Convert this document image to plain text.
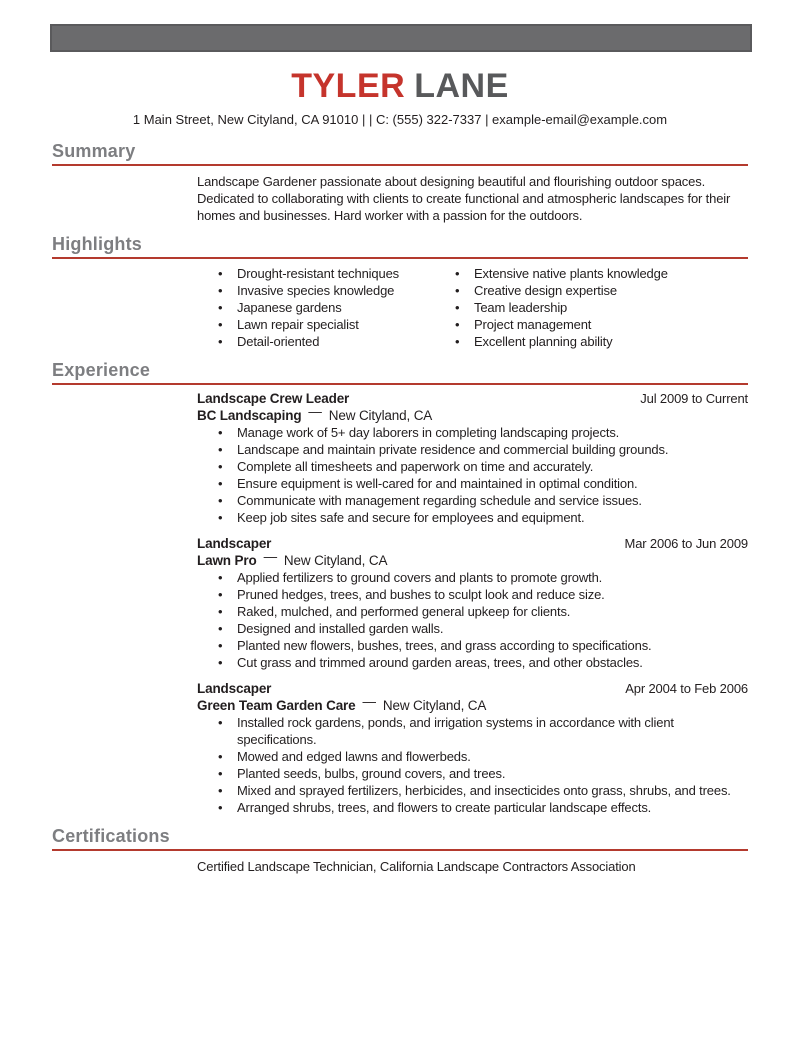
TYLER LANE
1 Main Street, New Cityland, CA 91010 | | C: (555) 322-7337 | example-email@example.com
Summary

Landscape Gardener passionate about designing beautiful and flourishing outdoor spaces. Dedicated to collaborating with clients to create functional and atmospheric landscapes for their homes and businesses. Hard worker with a passion for the outdoors.

Highlights
• Drought-resistant techniques
• Invasive species knowledge
• Japanese gardens
• Lawn repair specialist
• Detail-oriented
• Extensive native plants knowledge
• Creative design expertise
• Team leadership
• Project management
• Excellent planning ability
Experience
Landscape Crew Leader	Jul 2009 to Current
BC Landscaping — New Cityland, CA
• Manage work of 5+ day laborers in completing landscaping projects.
• Landscape and maintain private residence and commercial building grounds.
• Complete all timesheets and paperwork on time and accurately.
• Ensure equipment is well-cared for and maintained in optimal condition.
• Communicate with management regarding schedule and service issues.
• Keep job sites safe and secure for employees and equipment.
Landscaper	Mar 2006 to Jun 2009
Lawn Pro — New Cityland, CA
• Applied fertilizers to ground covers and plants to promote growth.
• Pruned hedges, trees, and bushes to sculpt look and reduce size.
• Raked, mulched, and performed general upkeep for clients.
• Designed and installed garden walls.
• Planted new flowers, bushes, trees, and grass according to specifications.
• Cut grass and trimmed around garden areas, trees, and other obstacles.
Landscaper	Apr 2004 to Feb 2006
Green Team Garden Care — New Cityland, CA
• Installed rock gardens, ponds, and irrigation systems in accordance with client specifications.
• Mowed and edged lawns and flowerbeds.
• Planted seeds, bulbs, ground covers, and trees.
• Mixed and sprayed fertilizers, herbicides, and insecticides onto grass, shrubs, and trees.
• Arranged shrubs, trees, and flowers to create particular landscape effects.
Certifications

Certified Landscape Technician, California Landscape Contractors Association
